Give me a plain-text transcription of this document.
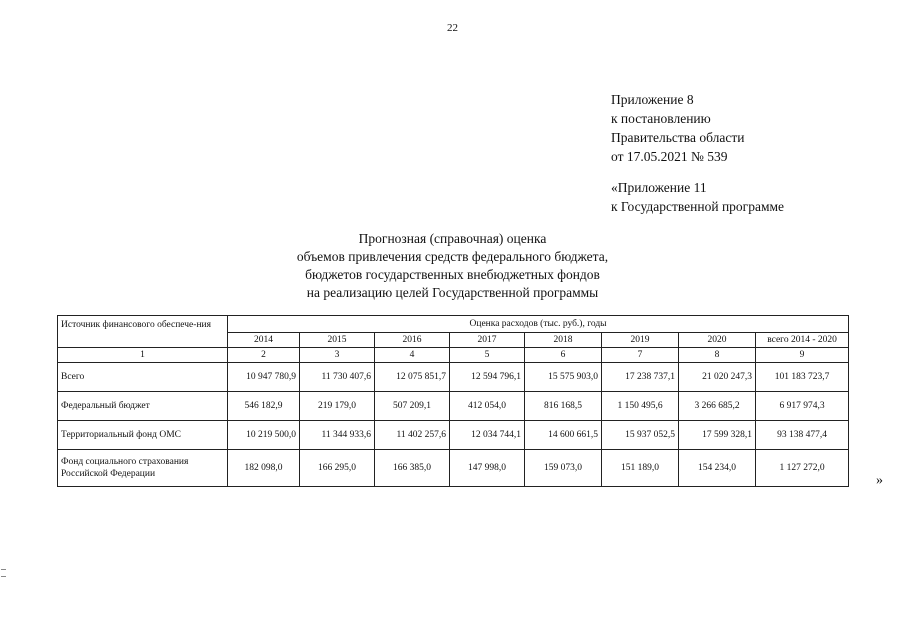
22
Приложение 8
к постановлению
Правительства области
от 17.05.2021 № 539
«Приложение 11
к Государственной программе
Прогнозная (справочная) оценка
объемов привлечения средств федерального бюджета,
бюджетов государственных внебюджетных фондов
на реализацию целей Государственной программы
Источник финансового обеспече-ния	Оценка расходов (тыс. руб.), годы							
	2014	2015	2016	2017	2018	2019	2020	всего 2014 - 2020
1	2	3	4	5	6	7	8	9
Всего	10 947 780,9	11 730 407,6	12 075 851,7	12 594 796,1	15 575 903,0	17 238 737,1	21 020 247,3	101 183 723,7
Федеральный бюджет	546 182,9	219 179,0	507 209,1	412 054,0	816 168,5	1 150 495,6	3 266 685,2	6 917 974,3
Территориальный фонд ОМС	10 219 500,0	11 344 933,6	11 402 257,6	12 034 744,1	14 600 661,5	15 937 052,5	17 599 328,1	93 138 477,4
Фонд социального страхования Российской Федерации	182 098,0	166 295,0	166 385,0	147 998,0	159 073,0	151 189,0	154 234,0	1 127 272,0
»
